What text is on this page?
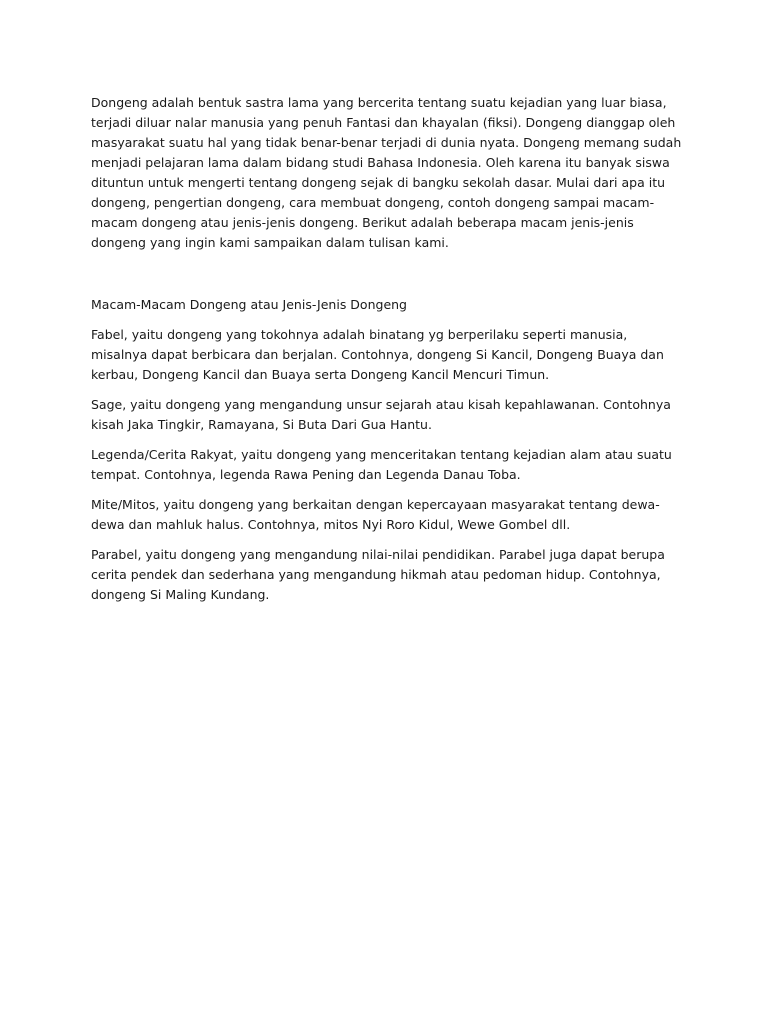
Dongeng adalah bentuk sastra lama yang bercerita tentang suatu kejadian yang luar biasa, terjadi diluar nalar manusia yang penuh Fantasi dan khayalan (fiksi). Dongeng dianggap oleh masyarakat suatu hal yang tidak benar-benar terjadi di dunia nyata. Dongeng memang sudah menjadi pelajaran lama dalam bidang studi Bahasa Indonesia. Oleh karena itu banyak siswa dituntun untuk mengerti tentang dongeng sejak di bangku sekolah dasar. Mulai dari apa itu dongeng, pengertian dongeng, cara membuat dongeng, contoh dongeng sampai macam-macam dongeng atau jenis-jenis dongeng. Berikut adalah beberapa macam jenis-jenis dongeng yang ingin kami sampaikan dalam tulisan kami.

Macam-Macam Dongeng atau Jenis-Jenis Dongeng

Fabel, yaitu dongeng yang tokohnya adalah binatang yg berperilaku seperti manusia, misalnya dapat berbicara dan berjalan. Contohnya, dongeng Si Kancil, Dongeng Buaya dan kerbau, Dongeng Kancil dan Buaya serta Dongeng Kancil Mencuri Timun.

Sage, yaitu dongeng yang mengandung unsur sejarah atau kisah kepahlawanan. Contohnya kisah Jaka Tingkir, Ramayana, Si Buta Dari Gua Hantu.

Legenda/Cerita Rakyat, yaitu dongeng yang menceritakan tentang kejadian alam atau suatu tempat. Contohnya, legenda Rawa Pening dan Legenda Danau Toba.

Mite/Mitos, yaitu dongeng yang berkaitan dengan kepercayaan masyarakat tentang dewa-dewa dan mahluk halus. Contohnya, mitos Nyi Roro Kidul, Wewe Gombel dll.

Parabel, yaitu dongeng yang mengandung nilai-nilai pendidikan. Parabel juga dapat berupa cerita pendek dan sederhana yang mengandung hikmah atau pedoman hidup. Contohnya, dongeng Si Maling Kundang.
